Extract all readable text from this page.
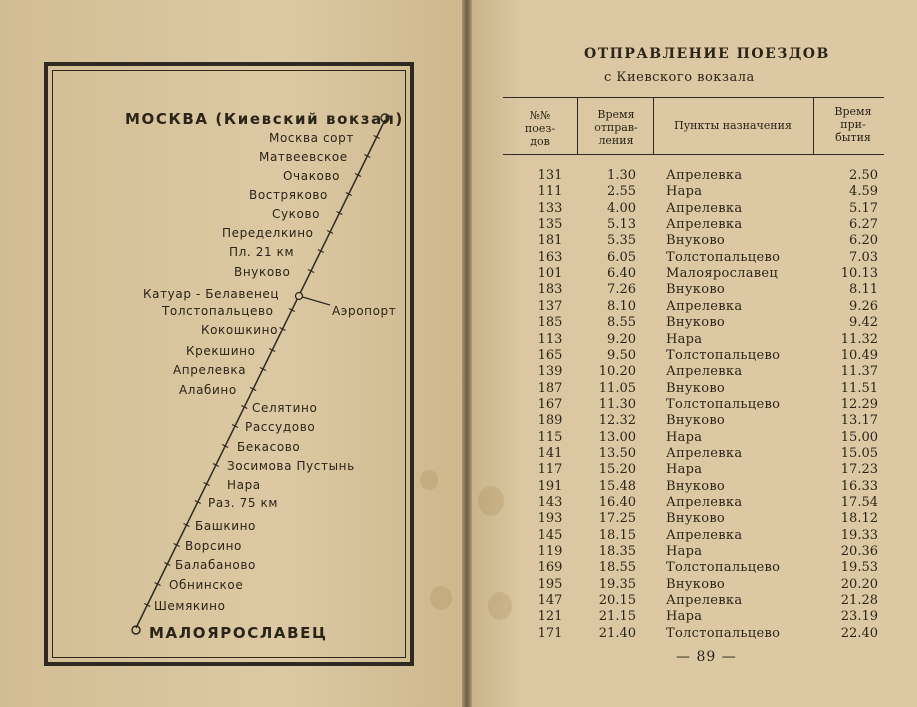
МОСКВА (Киевский вокзал)
Москва сорт
Матвеевское
Очаково
Востряково
Суково
Переделкино
Пл. 21 км
Внуково
Катуар - Белавенец
Аэропорт
Толстопальцево
Кокошкино
Крекшино
Апрелевка
Алабино
Селятино
Рассудово
Бекасово
Зосимова Пустынь
Нара
Раз. 75 км
Башкино
Ворсино
Балабаново
Обнинское
Шемякино
МАЛОЯРОСЛАВЕЦ
ОТПРАВЛЕНИЕ ПОЕЗДОВ
с Киевского вокзала
№№
поез-
дов
Время
отправ-
ления
Пункты назначения
Время
при-
бытия
131	1.30 Апрелевка	2.50
111	2.55 Нара	4.59
133	4.00 Апрелевка	5.17
135	5.13 Апрелевка	6.27
181	5.35 Внуково	6.20
163	6.05 Толстопальцево	7.03
101	6.40 Малоярославец	10.13
183	7.26 Внуково	8.11
137	8.10 Апрелевка	9.26
185	8.55 Внуково	9.42
113	9.20 Нара	11.32
165	9.50 Толстопальцево	10.49
139	10.20 Апрелевка	11.37
187	11.05 Внуково	11.51
167	11.30 Толстопальцево	12.29
189	12.32 Внуково	13.17
115	13.00 Нара	15.00
141	13.50 Апрелевка	15.05
117	15.20 Нара	17.23
191	15.48 Внуково	16.33
143	16.40 Апрелевка	17.54
193	17.25 Внуково	18.12
145	18.15 Апрелевка	19.33
119	18.35 Нара	20.36
169	18.55 Толстопальцево	19.53
195	19.35 Внуково	20.20
147	20.15 Апрелевка	21.28
121	21.15 Нара	23.19
171	21.40 Толстопальцево	22.40
— 89 —
